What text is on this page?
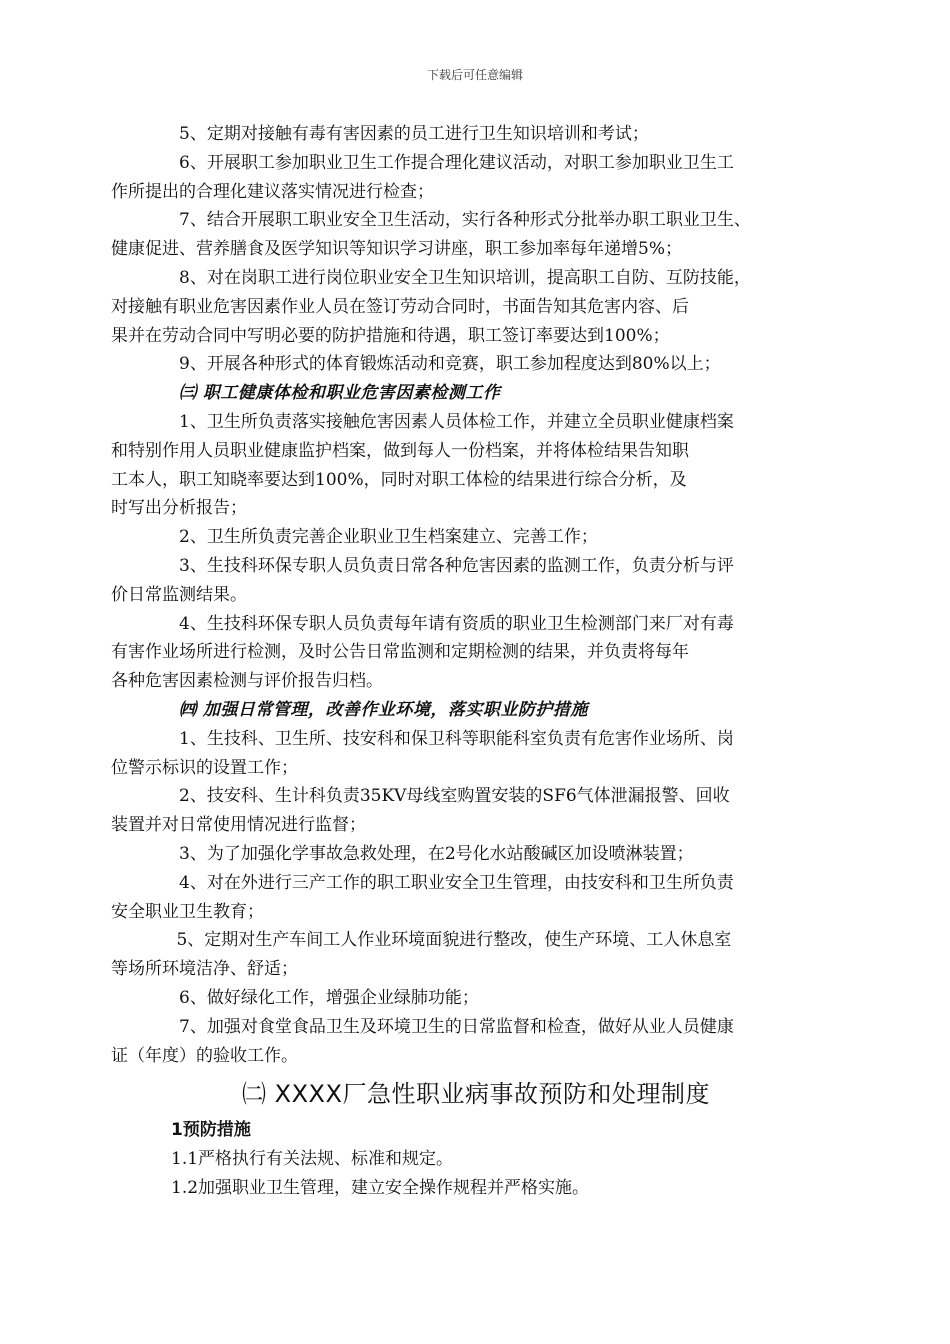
下载后可任意编辑
5、定期对接触有毒有害因素的员工进行卫生知识培训和考试；
6、开展职工参加职业卫生工作提合理化建议活动，对职工参加职业卫生工
作所提出的合理化建议落实情况进行检查；
7、结合开展职工职业安全卫生活动，实行各种形式分批举办职工职业卫生、
健康促进、营养膳食及医学知识等知识学习讲座，职工参加率每年递增5%；
8、对在岗职工进行岗位职业安全卫生知识培训，提高职工自防、互防技能，
对接触有职业危害因素作业人员在签订劳动合同时，书面告知其危害内容、后
果并在劳动合同中写明必要的防护措施和待遇，职工签订率要达到100%；
9、开展各种形式的体育锻炼活动和竞赛，职工参加程度达到80%以上；
㈢ 职工健康体检和职业危害因素检测工作
1、卫生所负责落实接触危害因素人员体检工作，并建立全员职业健康档案
和特别作用人员职业健康监护档案，做到每人一份档案，并将体检结果告知职
工本人，职工知晓率要达到100%，同时对职工体检的结果进行综合分析，及
时写出分析报告；
2、卫生所负责完善企业职业卫生档案建立、完善工作；
3、生技科环保专职人员负责日常各种危害因素的监测工作，负责分析与评
价日常监测结果。
4、生技科环保专职人员负责每年请有资质的职业卫生检测部门来厂对有毒
有害作业场所进行检测，及时公告日常监测和定期检测的结果，并负责将每年
各种危害因素检测与评价报告归档。
㈣ 加强日常管理，改善作业环境，落实职业防护措施
1、生技科、卫生所、技安科和保卫科等职能科室负责有危害作业场所、岗
位警示标识的设置工作；
2、技安科、生计科负责35KV母线室购置安装的SF6气体泄漏报警、回收
装置并对日常使用情况进行监督；
3、为了加强化学事故急救处理，在2号化水站酸碱区加设喷淋装置；
4、对在外进行三产工作的职工职业安全卫生管理，由技安科和卫生所负责
安全职业卫生教育；
5、定期对生产车间工人作业环境面貌进行整改，使生产环境、工人休息室
等场所环境洁净、舒适；
6、做好绿化工作，增强企业绿肺功能；
7、加强对食堂食品卫生及环境卫生的日常监督和检查，做好从业人员健康
证（年度）的验收工作。
㈡ XXXX厂急性职业病事故预防和处理制度
1预防措施
1.1严格执行有关法规、标准和规定。
1.2加强职业卫生管理，建立安全操作规程并严格实施。
